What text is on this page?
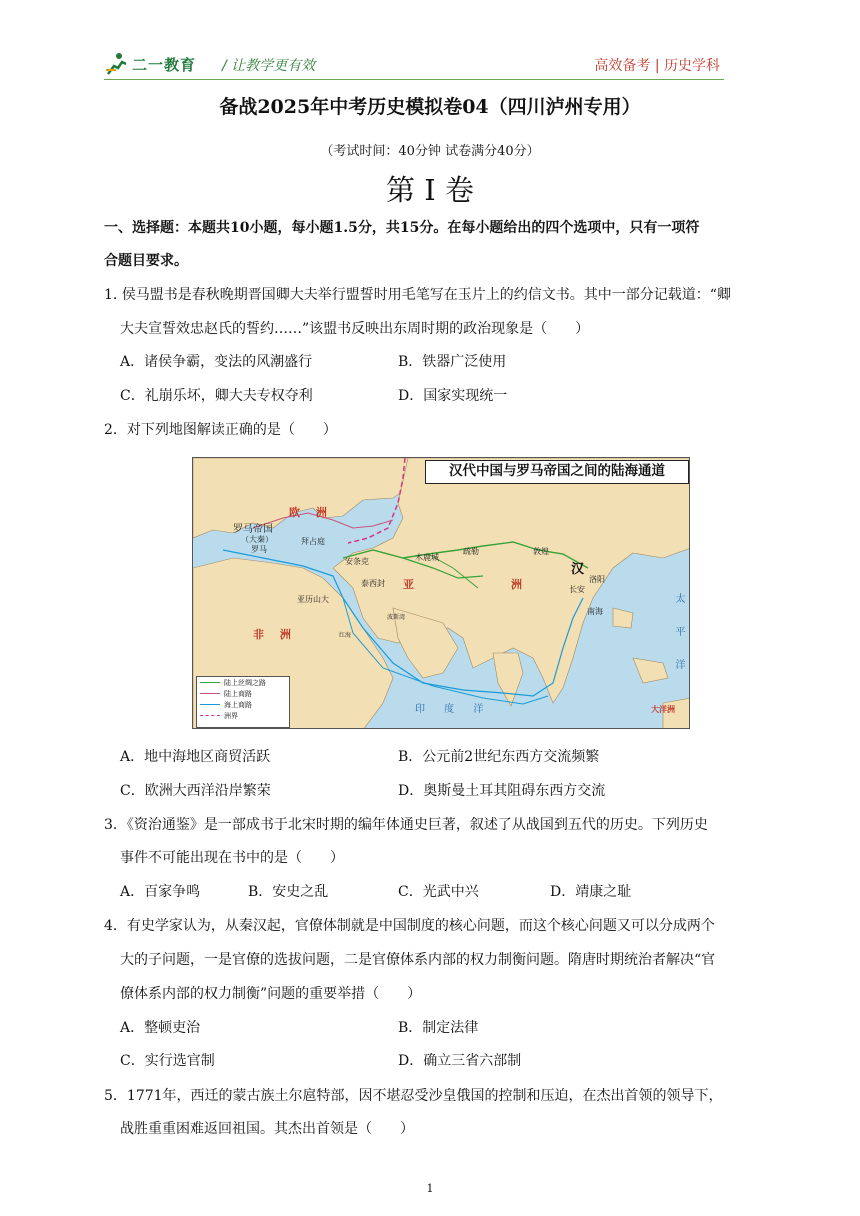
二一教育 / 让教学更有效	高效备考 | 历史学科
备战2025年中考历史模拟卷04（四川泸州专用）
（考试时间：40分钟 试卷满分40分）
第 I 卷
一、选择题：本题共10小题，每小题1.5分，共15分。在每小题给出的四个选项中，只有一项符
合题目要求。
1. 侯马盟书是春秋晚期晋国卿大夫举行盟誓时用毛笔写在玉片上的约信文书。其中一部分记载道：“卿
大夫宣誓效忠赵氏的誓约……”该盟书反映出东周时期的政治现象是（　　）
A．诸侯争霸，变法的风潮盛行	B．铁器广泛使用
C．礼崩乐坏，卿大夫专权夺利	D．国家实现统一
2．对下列地图解读正确的是（　　）
汉代中国与罗马帝国之间的陆海通道
欧 洲
亚	洲
非 洲
印 度 洋
太 平 洋
大洋洲
汉
罗马帝国
（大秦）
罗马
拜占庭
安条克
泰西封
亚历山大
木鹿城
疏勒	敦煌
长安
洛阳
南海
红海
波斯湾
陆上丝绸之路
陆上商路
海上商路
洲界
A．地中海地区商贸活跃	B．公元前2世纪东西方交流频繁
C．欧洲大西洋沿岸繁荣	D．奥斯曼土耳其阻碍东西方交流
3．《资治通鉴》是一部成书于北宋时期的编年体通史巨著，叙述了从战国到五代的历史。下列历史
事件不可能出现在书中的是（　　）
A．百家争鸣	B．安史之乱	C．光武中兴	D．靖康之耻
4．有史学家认为，从秦汉起，官僚体制就是中国制度的核心问题，而这个核心问题又可以分成两个
大的子问题，一是官僚的选拔问题，二是官僚体系内部的权力制衡问题。隋唐时期统治者解决“官
僚体系内部的权力制衡”问题的重要举措（　　）
A．整顿吏治	B．制定法律
C．实行选官制	D．确立三省六部制
5．1771年，西迁的蒙古族土尔扈特部，因不堪忍受沙皇俄国的控制和压迫，在杰出首领的领导下，
战胜重重困难返回祖国。其杰出首领是（　　）
1
